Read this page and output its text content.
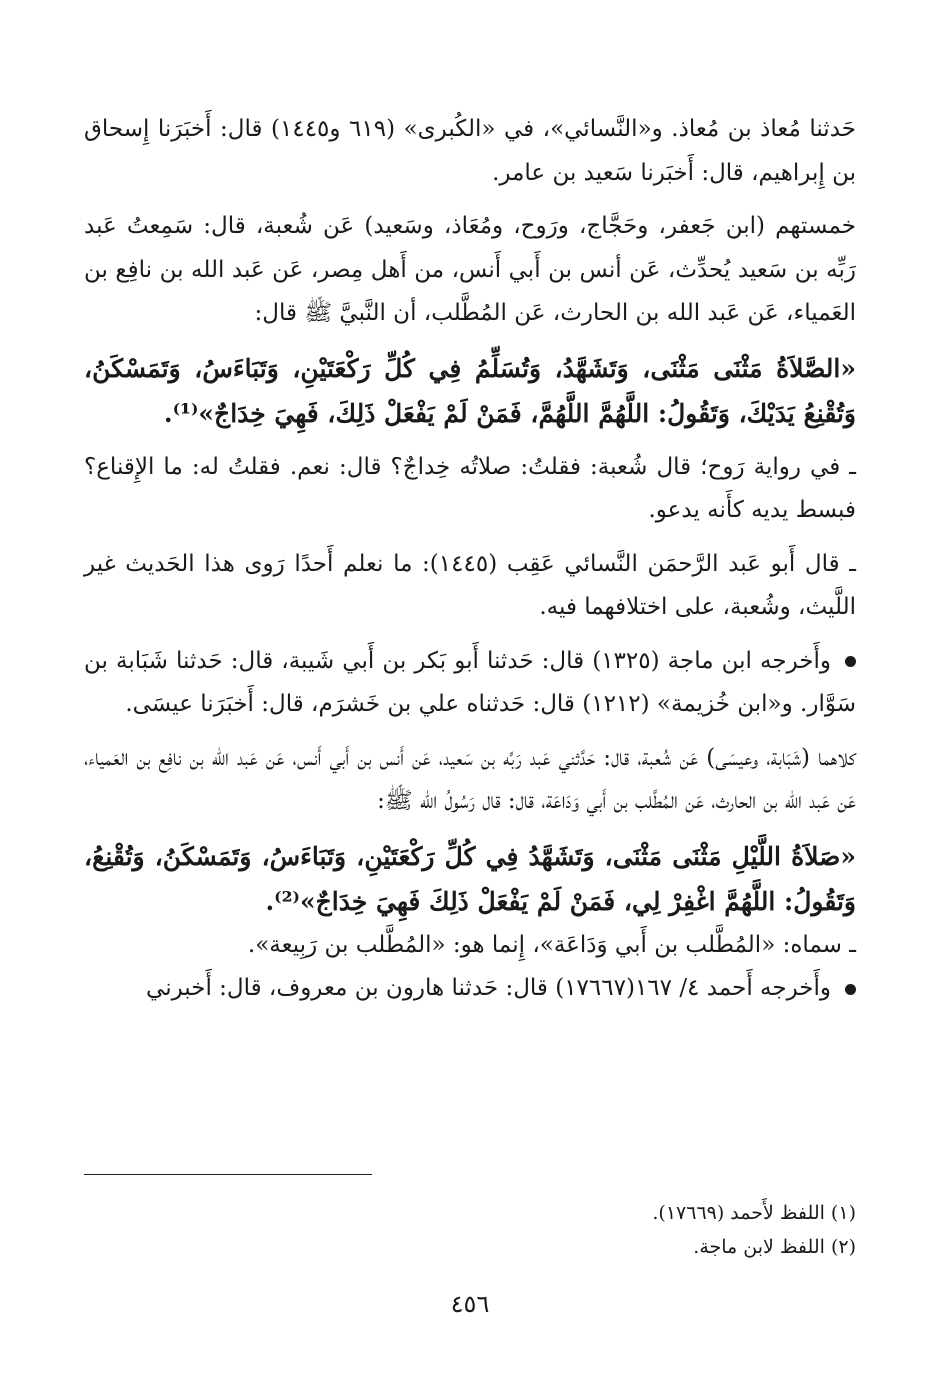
حَدثنا مُعاذ بن مُعاذ. و«النَّسائي»، في «الكُبرى» (٦١٩ و١٤٤٥) قال: أَخبَرَنا إِسحاق بن إِبراهيم، قال: أَخبَرنا سَعيد بن عامر.

خمستهم (ابن جَعفر، وحَجَّاج، ورَوح، ومُعَاذ، وسَعيد) عَن شُعبة، قال: سَمِعتُ عَبد رَبِّه بن سَعيد يُحدِّث، عَن أنس بن أَبي أَنس، من أَهل مِصر، عَن عَبد الله بن نافِع بن العَمياء، عَن عَبد الله بن الحارث، عَن المُطَّلب، أن النَّبيَّ ﷺ قال:

«الصَّلاَةُ مَثْنَى مَثْنَى، وَتَشَهَّدُ، وَتُسَلِّمُ فِي كُلِّ رَكْعَتَيْنِ، وَتَبَاءَسُ، وَتَمَسْكَنُ، وَتُقْنِعُ يَدَيْكَ، وَتَقُولُ: اللَّهُمَّ اللَّهُمَّ، فَمَنْ لَمْ يَفْعَلْ ذَلِكَ، فَهِيَ خِدَاجٌ»⁽¹⁾.

ـ في رواية رَوح؛ قال شُعبة: فقلتُ: صلاتُه خِداجٌ؟ قال: نعم. فقلتُ له: ما الإِقناع؟ فبسط يديه كأَنه يدعو.

ـ قال أَبو عَبد الرَّحمَن النَّسائي عَقِب (١٤٤٥): ما نعلم أَحدًا رَوى هذا الحَديث غير اللَّيث، وشُعبة، على اختلافهما فيه.

وأَخرجه ابن ماجة (١٣٢٥) قال: حَدثنا أَبو بَكر بن أَبي شَيبة، قال: حَدثنا شَبَابة بن سَوَّار. و«ابن خُزيمة» (١٢١٢) قال: حَدثناه علي بن خَشرَم، قال: أَخبَرَنا عيسَى.

كلاهما (شَبَابة، وعيسَى) عَن شُعبة، قال: حَدَّثني عَبد رَبِّه بن سَعيد، عَن أَنس بن أَبي أَنس، عَن عَبد الله بن نافِع بن العَمياء، عَن عَبد الله بن الحارث، عَن المُطَّلب بن أَبي وَدَاعَة، قال: قال رَسُولُ الله ﷺ:

«صَلاَةُ اللَّيْلِ مَثْنَى مَثْنَى، وَتَشَهَّدُ فِي كُلِّ رَكْعَتَيْنِ، وَتَبَاءَسُ، وَتَمَسْكَنُ، وَتُقْنِعُ، وَتَقُولُ: اللَّهُمَّ اغْفِرْ لِي، فَمَنْ لَمْ يَفْعَلْ ذَلِكَ فَهِيَ خِدَاجٌ»⁽²⁾.

ـ سماه: «المُطَّلب بن أَبي وَدَاعَة»، إِنما هو: «المُطَّلب بن رَبِيعة».

وأَخرجه أَحمد ٤/ ١٦٧(١٧٦٦٧) قال: حَدثنا هارون بن معروف، قال: أَخبرني

(١) اللفظ لأَحمد (١٧٦٦٩).

(٢) اللفظ لابن ماجة.

٤٥٦
